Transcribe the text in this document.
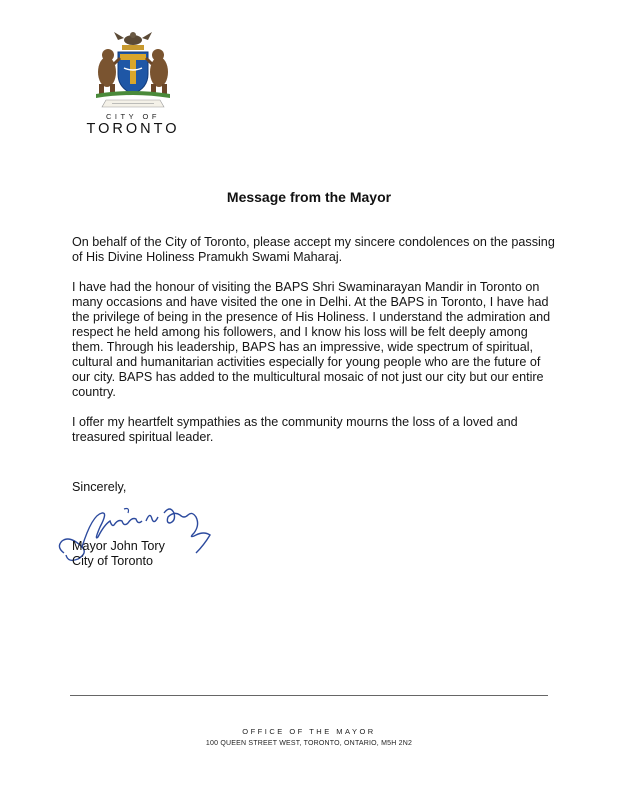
CITY OF
TORONTO
Message from the Mayor

On behalf of the City of Toronto, please accept my sincere condolences on the passing of His Divine Holiness Pramukh Swami Maharaj.

I have had the honour of visiting the BAPS Shri Swaminarayan Mandir in Toronto on many occasions and have visited the one in Delhi. At the BAPS in Toronto, I have had the privilege of being in the presence of His Holiness. I understand the admiration and respect he held among his followers, and I know his loss will be felt deeply among them. Through his leadership, BAPS has an impressive, wide spectrum of spiritual, cultural and humanitarian activities especially for young people who are the future of our city. BAPS has added to the multicultural mosaic of not just our city but our entire country.

I offer my heartfelt sympathies as the community mourns the loss of a loved and treasured spiritual leader.

Sincerely,
Mayor John Tory
City of Toronto
OFFICE OF THE MAYOR
100 QUEEN STREET WEST, TORONTO, ONTARIO, M5H 2N2
